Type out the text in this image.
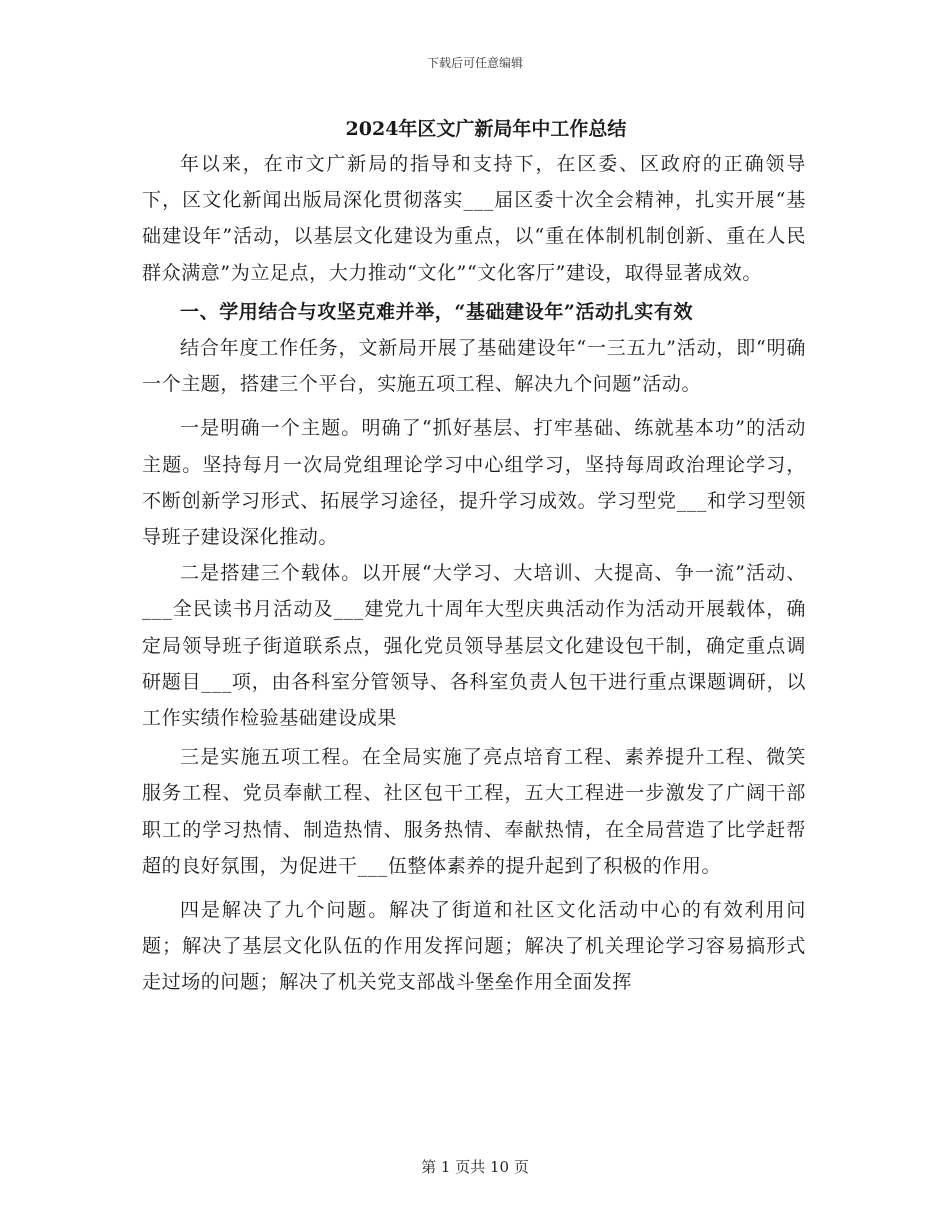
下载后可任意编辑
2024年区文广新局年中工作总结

年以来，在市文广新局的指导和支持下，在区委、区政府的正确领导下，区文化新闻出版局深化贯彻落实___届区委十次全会精神，扎实开展“基础建设年”活动，以基层文化建设为重点，以“重在体制机制创新、重在人民群众满意”为立足点，大力推动“文化”“文化客厅”建设，取得显著成效。

一、学用结合与攻坚克难并举，“基础建设年”活动扎实有效

结合年度工作任务，文新局开展了基础建设年“一三五九”活动，即“明确一个主题，搭建三个平台，实施五项工程、解决九个问题”活动。

一是明确一个主题。明确了“抓好基层、打牢基础、练就基本功”的活动主题。坚持每月一次局党组理论学习中心组学习，坚持每周政治理论学习，不断创新学习形式、拓展学习途径，提升学习成效。学习型党___和学习型领导班子建设深化推动。

二是搭建三个载体。以开展“大学习、大培训、大提高、争一流”活动、___全民读书月活动及___建党九十周年大型庆典活动作为活动开展载体，确定局领导班子街道联系点，强化党员领导基层文化建设包干制，确定重点调研题目___项，由各科室分管领导、各科室负责人包干进行重点课题调研，以工作实绩作检验基础建设成果

三是实施五项工程。在全局实施了亮点培育工程、素养提升工程、微笑服务工程、党员奉献工程、社区包干工程，五大工程进一步激发了广阔干部职工的学习热情、制造热情、服务热情、奉献热情，在全局营造了比学赶帮超的良好氛围，为促进干___伍整体素养的提升起到了积极的作用。

四是解决了九个问题。解决了街道和社区文化活动中心的有效利用问题；解决了基层文化队伍的作用发挥问题；解决了机关理论学习容易搞形式走过场的问题；解决了机关党支部战斗堡垒作用全面发挥

第 1 页共 10 页
